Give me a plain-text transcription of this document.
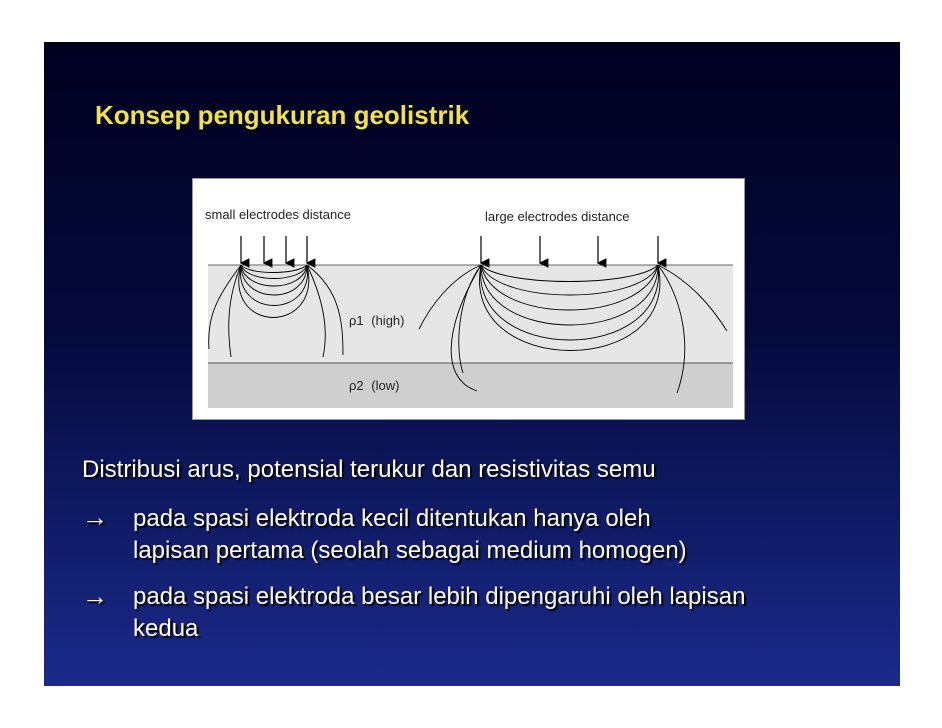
Konsep pengukuran geolistrik
small electrodes distance	large electrodes distance
ρ1 (high)
ρ2 (low)
Distribusi arus, potensial terukur dan resistivitas semu
→ pada spasi elektroda kecil ditentukan hanya oleh
lapisan pertama (seolah sebagai medium homogen)
→ pada spasi elektroda besar lebih dipengaruhi oleh lapisan
kedua
